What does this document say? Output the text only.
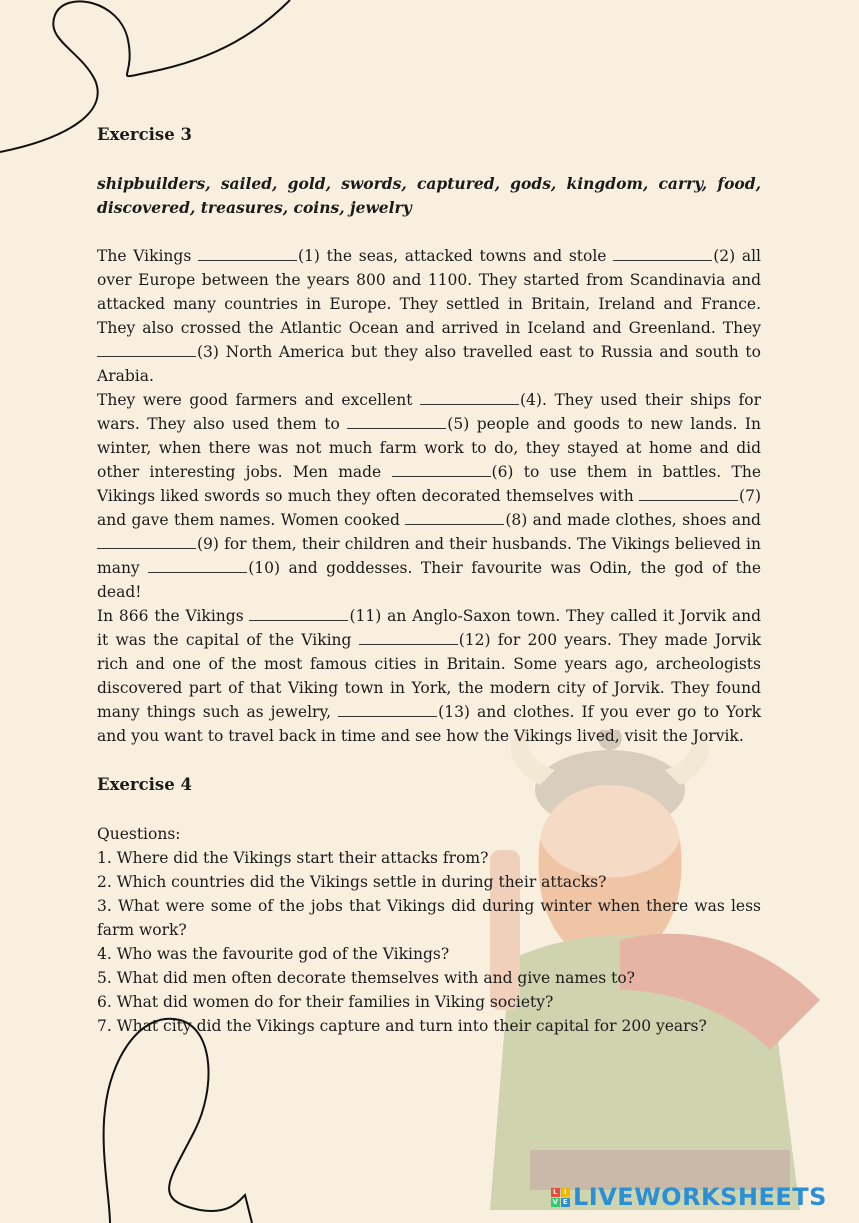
Exercise 3

shipbuilders, sailed, gold, swords, captured, gods, kingdom, carry, food, discovered, treasures, coins, jewelry

The Vikings	(1) the seas, attacked towns and stole	(2) all over Europe between the years 800 and 1100. They started from Scandinavia and attacked many countries in Europe. They settled in Britain, Ireland and France. They also crossed the Atlantic Ocean and arrived in Iceland and Greenland. They (3) North America but they also travelled east to Russia and south to Arabia.

They were good farmers and excellent	(4). They used their ships for wars. They also used them to	(5) people and goods to new lands. In winter, when there was not much farm work to do, they stayed at home and did other interesting jobs. Men made	(6) to use them in battles. The Vikings liked swords so much they often decorated themselves with	(7) and gave them names. Women cooked	(8) and made clothes, shoes and (9) for them, their children and their husbands. The Vikings believed in many	(10) and goddesses. Their favourite was Odin, the god of the dead!

In 866 the Vikings	(11) an Anglo-Saxon town. They called it Jorvik and it was the capital of the Viking	(12) for 200 years. They made Jorvik rich and one of the most famous cities in Britain. Some years ago, archeologists discovered part of that Viking town in York, the modern city of Jorvik. They found many things such as jewelry,	(13) and clothes. If you ever go to York and you want to travel back in time and see how the Vikings lived, visit the Jorvik.

Exercise 4
Questions:
1. Where did the Vikings start their attacks from?
2. Which countries did the Vikings settle in during their attacks?
3. What were some of the jobs that Vikings did during winter when there was less farm work?
4. Who was the favourite god of the Vikings?
5. What did men often decorate themselves with and give names to?
6. What did women do for their families in Viking society?
7. What city did the Vikings capture and turn into their capital for 200 years?
L I
V E LIVEWORKSHEETS
